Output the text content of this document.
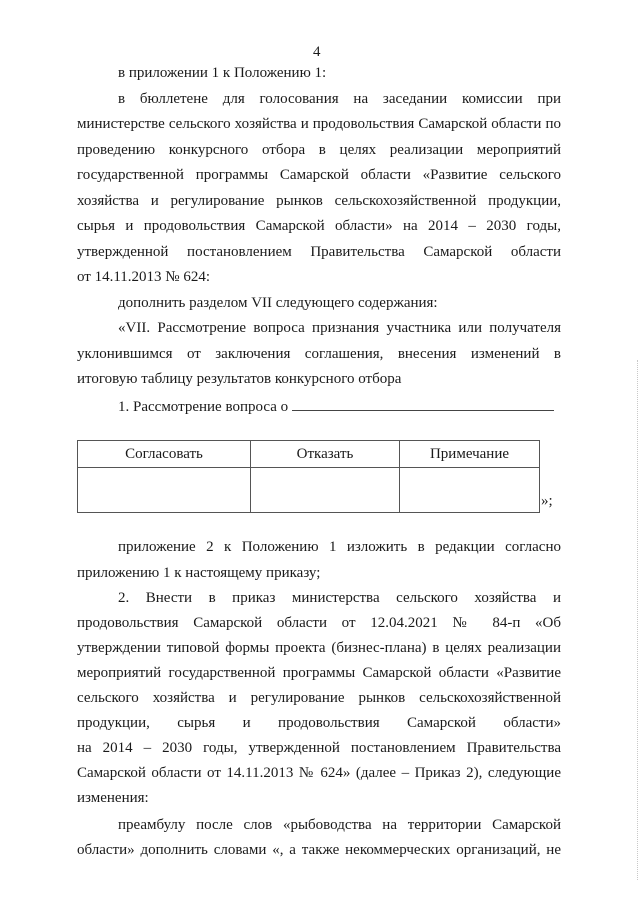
4
в приложении 1 к Положению 1:
в бюллетене для голосования на заседании комиссии при
министерстве сельского хозяйства и продовольствия Самарской области по
проведению конкурсного отбора в целях реализации мероприятий
государственной программы Самарской области «Развитие сельского
хозяйства и регулирование рынков сельскохозяйственной продукции,
сырья и продовольствия Самарской области» на 2014 – 2030 годы,
утвержденной постановлением Правительства Самарской области
от 14.11.2013 № 624:
дополнить разделом VII следующего содержания:
«VII. Рассмотрение вопроса признания участника или получателя
уклонившимся от заключения соглашения, внесения изменений в
итоговую таблицу результатов конкурсного отбора
1. Рассмотрение вопроса о
Согласовать	Отказать	Примечание

»;
приложение 2 к Положению 1 изложить в редакции согласно
приложению 1 к настоящему приказу;
2. Внести в приказ министерства сельского хозяйства и
продовольствия Самарской области от 12.04.2021 № 84-п «Об
утверждении типовой формы проекта (бизнес-плана) в целях реализации
мероприятий государственной программы Самарской области «Развитие
сельского хозяйства и регулирование рынков сельскохозяйственной
продукции, сырья и продовольствия Самарской области»
на 2014 – 2030 годы, утвержденной постановлением Правительства
Самарской области от 14.11.2013 № 624» (далее – Приказ 2), следующие
изменения:
преамбулу после слов «рыбоводства на территории Самарской
области» дополнить словами «, а также некоммерческих организаций, не
